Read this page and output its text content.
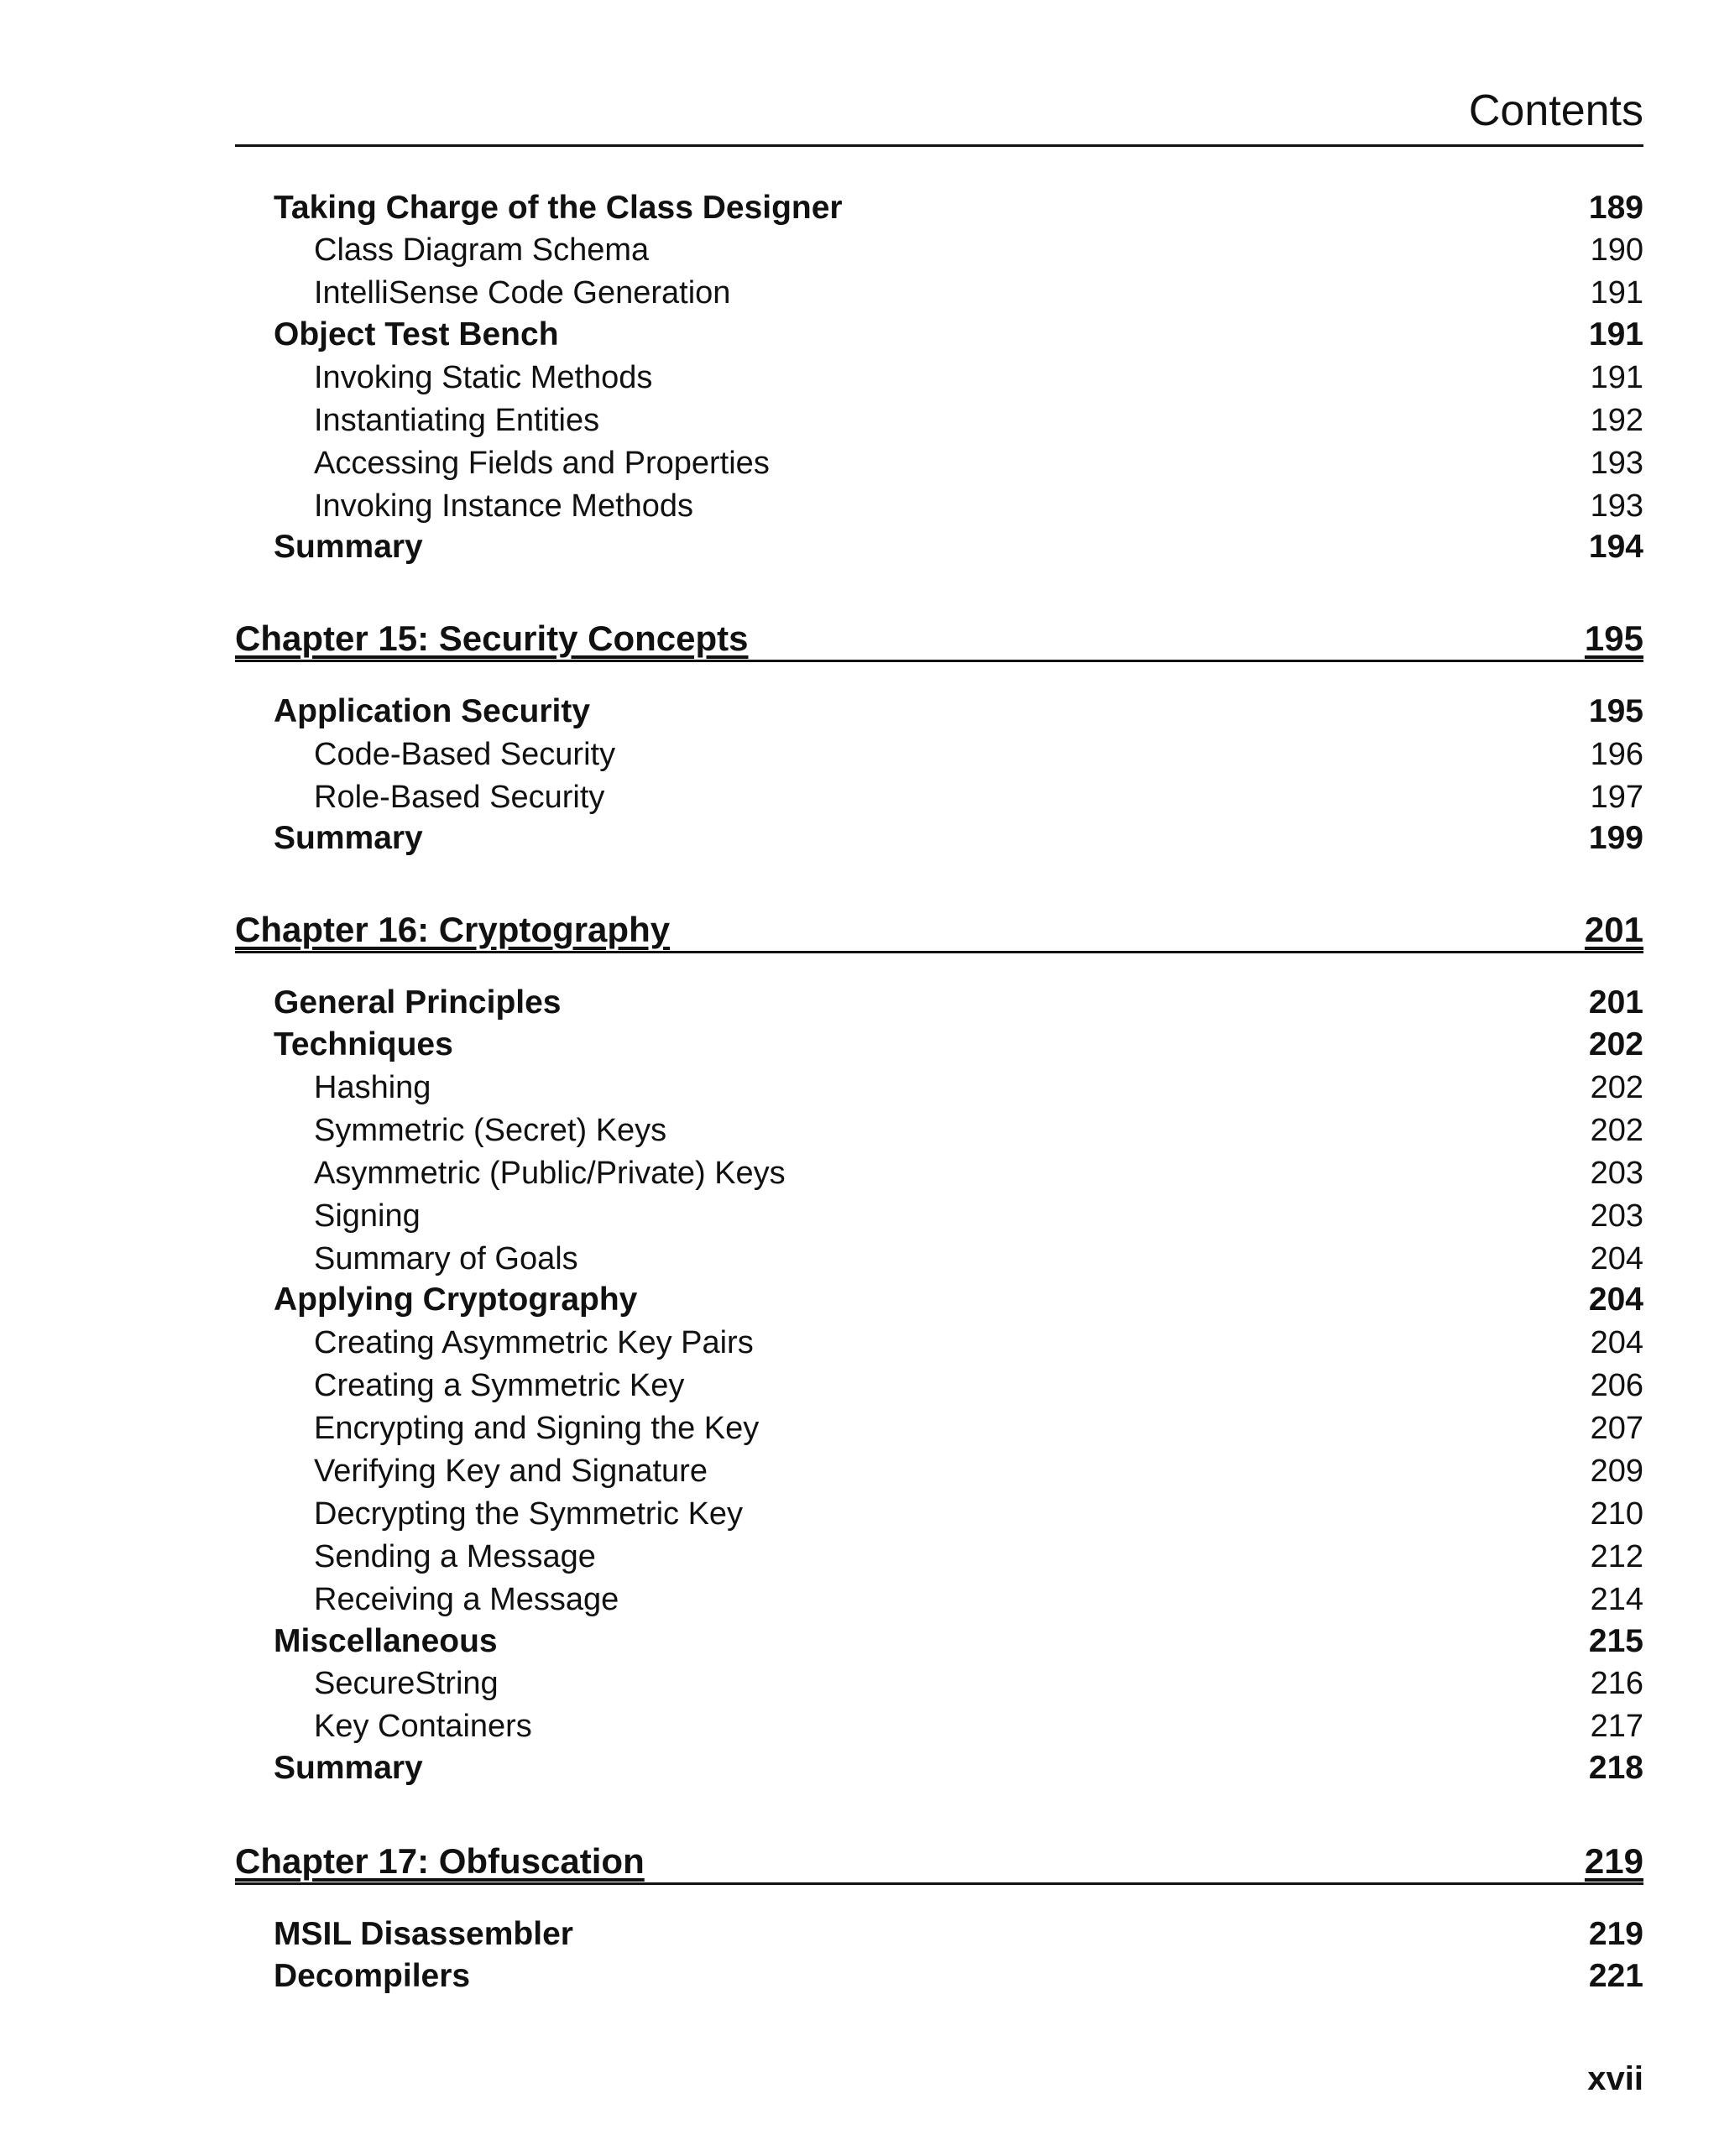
Contents
Taking Charge of the Class Designer	189
Class Diagram Schema	190
IntelliSense Code Generation	191
Object Test Bench	191
Invoking Static Methods	191
Instantiating Entities	192
Accessing Fields and Properties	193
Invoking Instance Methods	193
Summary	194
Chapter 15: Security Concepts	195
Application Security	195
Code-Based Security	196
Role-Based Security	197
Summary	199
Chapter 16: Cryptography	201
General Principles	201
Techniques	202
Hashing	202
Symmetric (Secret) Keys	202
Asymmetric (Public/Private) Keys	203
Signing	203
Summary of Goals	204
Applying Cryptography	204
Creating Asymmetric Key Pairs	204
Creating a Symmetric Key	206
Encrypting and Signing the Key	207
Verifying Key and Signature	209
Decrypting the Symmetric Key	210
Sending a Message	212
Receiving a Message	214
Miscellaneous	215
SecureString	216
Key Containers	217
Summary	218
Chapter 17: Obfuscation	219
MSIL Disassembler	219
Decompilers	221
xvii
